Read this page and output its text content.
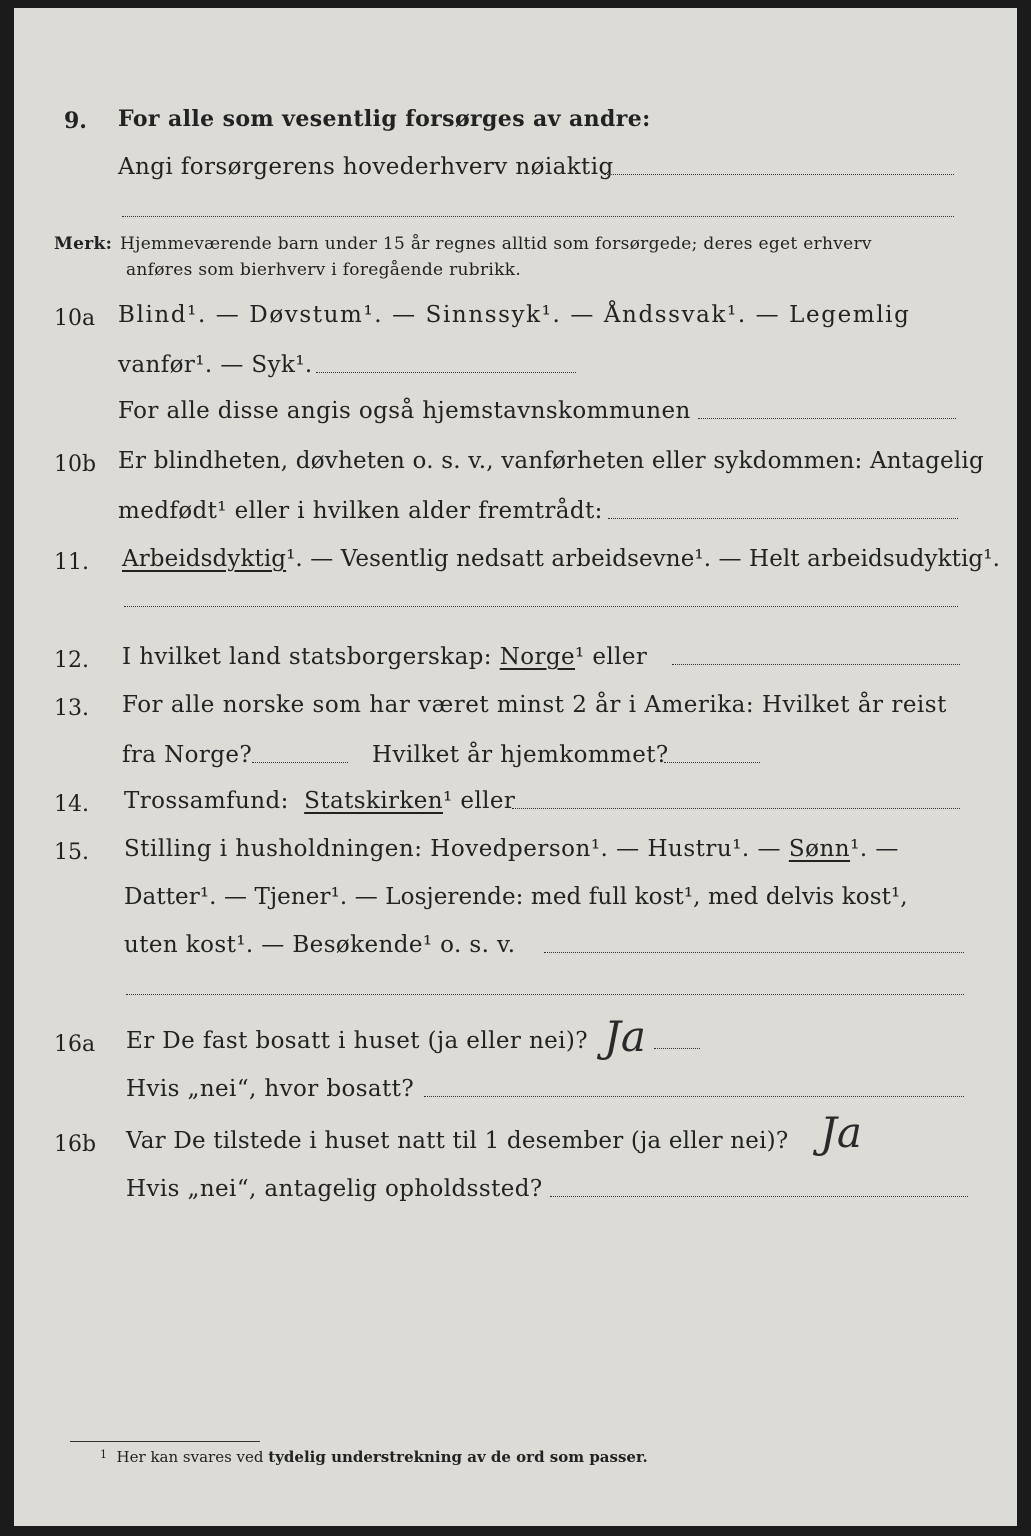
9. For alle som vesentlig forsørges av andre:
Angi forsørgerens hovederhverv nøiaktig
Merk: Hjemmeværende barn under 15 år regnes alltid som forsørgede; deres eget erhverv
anføres som bierhverv i foregående rubrikk.
10a Blind¹. — Døvstum¹. — Sinnssyk¹. — Åndssvak¹. — Legemlig
vanfør¹. — Syk¹.
For alle disse angis også hjemstavnskommunen
10b Er blindheten, døvheten o. s. v., vanførheten eller sykdommen: Antagelig
medfødt¹ eller i hvilken alder fremtrådt:
11. Arbeidsdyktig¹. — Vesentlig nedsatt arbeidsevne¹. — Helt arbeidsudyktig¹.
12. I hvilket land statsborgerskap: Norge¹ eller
13. For alle norske som har været minst 2 år i Amerika: Hvilket år reist
fra Norge?	Hvilket år hjemkommet?
14. Trossamfund: Statskirken¹ eller
15. Stilling i husholdningen: Hovedperson¹. — Hustru¹. — Sønn¹. —
Datter¹. — Tjener¹. — Losjerende: med full kost¹, med delvis kost¹,
uten kost¹. — Besøkende¹ o. s. v.
16a Er De fast bosatt i huset (ja eller nei)? Ja
Hvis „nei“, hvor bosatt?
16b Var De tilstede i huset natt til 1 desember (ja eller nei)? Ja
Hvis „nei“, antagelig opholdssted?
$^1$ Her kan svares ved tydelig understrekning av de ord som passer.
